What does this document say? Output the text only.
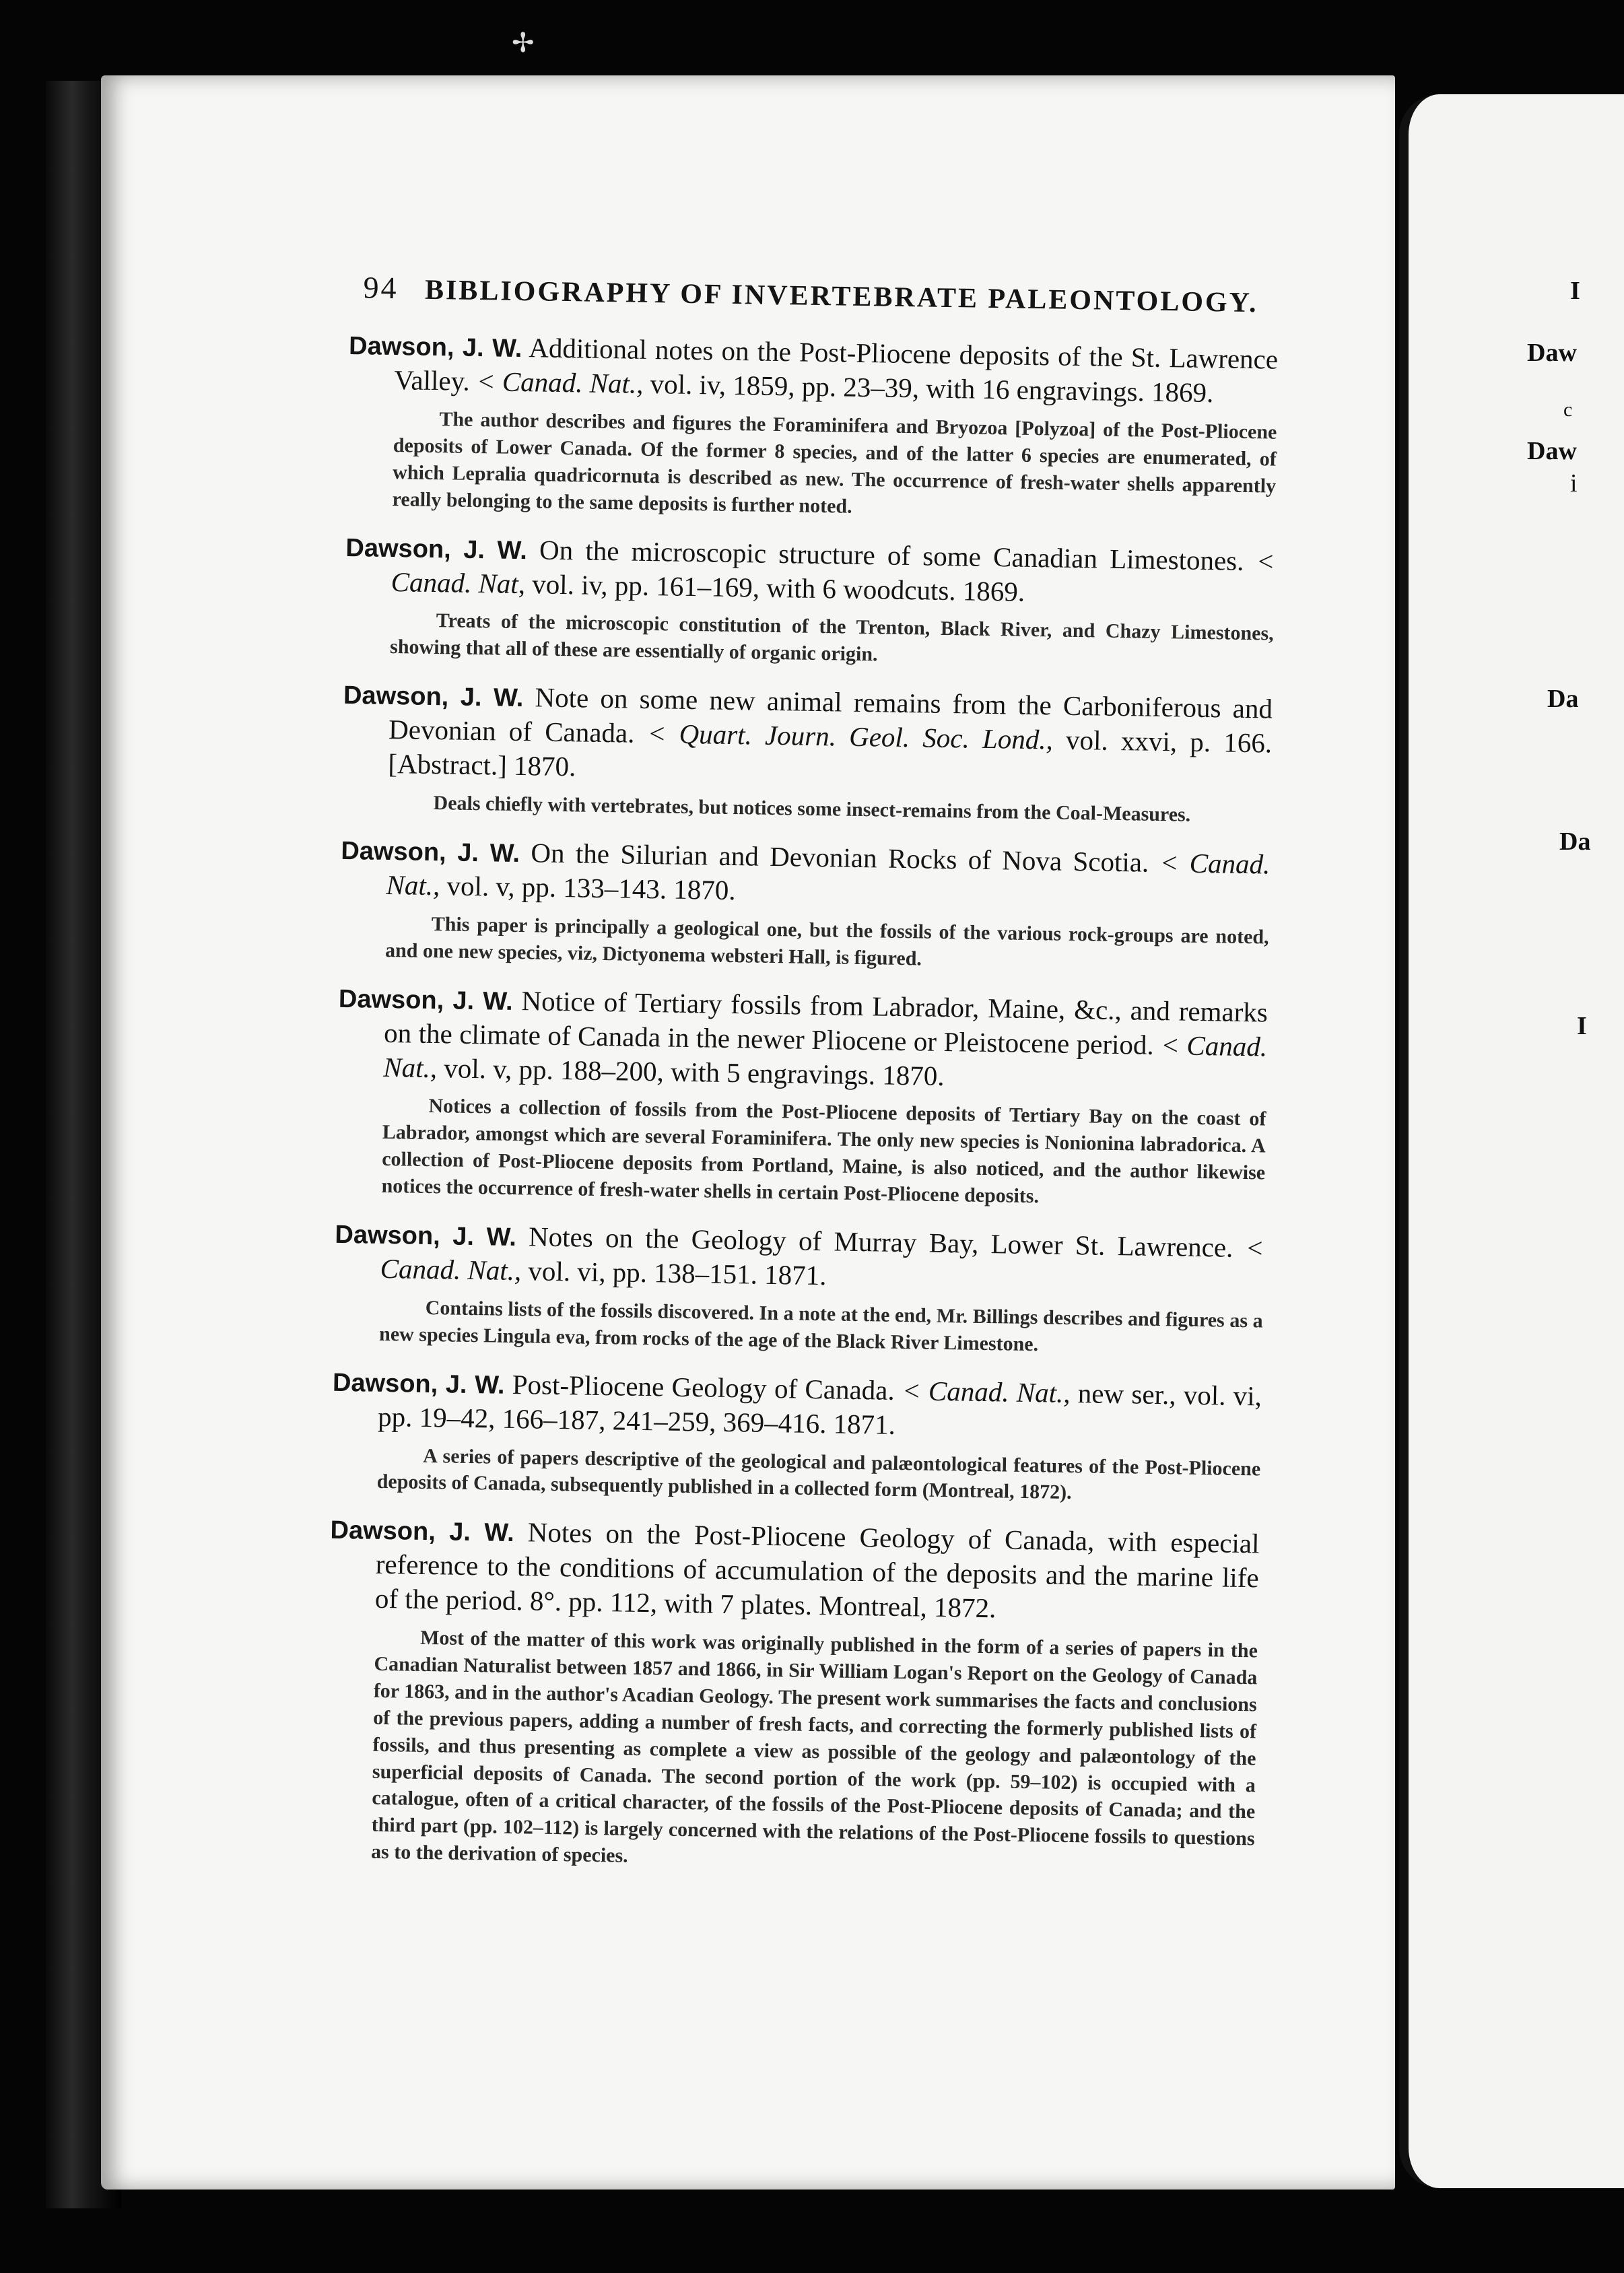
✢
I
Daw
c
Daw
i
Da
Da
I
94 BIBLIOGRAPHY OF INVERTEBRATE PALEONTOLOGY.

Dawson, J. W. Additional notes on the Post-Pliocene deposits of the St. Lawrence Valley. < Canad. Nat., vol. iv, 1859, pp. 23–39, with 16 engravings. 1869.

The author describes and figures the Foraminifera and Bryozoa [Polyzoa] of the Post-Pliocene deposits of Lower Canada. Of the former 8 species, and of the latter 6 species are enumerated, of which Lepralia quadricornuta is described as new. The occurrence of fresh-water shells apparently really belonging to the same deposits is further noted.

Dawson, J. W. On the microscopic structure of some Canadian Limestones. < Canad. Nat, vol. iv, pp. 161–169, with 6 woodcuts. 1869.

Treats of the microscopic constitution of the Trenton, Black River, and Chazy Limestones, showing that all of these are essentially of organic origin.

Dawson, J. W. Note on some new animal remains from the Carboniferous and Devonian of Canada. < Quart. Journ. Geol. Soc. Lond., vol. xxvi, p. 166. [Abstract.] 1870.

Deals chiefly with vertebrates, but notices some insect-remains from the Coal-Measures.

Dawson, J. W. On the Silurian and Devonian Rocks of Nova Scotia. < Canad. Nat., vol. v, pp. 133–143. 1870.

This paper is principally a geological one, but the fossils of the various rock-groups are noted, and one new species, viz, Dictyonema websteri Hall, is figured.

Dawson, J. W. Notice of Tertiary fossils from Labrador, Maine, &c., and remarks on the climate of Canada in the newer Pliocene or Pleistocene period. < Canad. Nat., vol. v, pp. 188–200, with 5 engravings. 1870.

Notices a collection of fossils from the Post-Pliocene deposits of Tertiary Bay on the coast of Labrador, amongst which are several Foraminifera. The only new species is Nonionina labradorica. A collection of Post-Pliocene deposits from Portland, Maine, is also noticed, and the author likewise notices the occurrence of fresh-water shells in certain Post-Pliocene deposits.

Dawson, J. W. Notes on the Geology of Murray Bay, Lower St. Lawrence. < Canad. Nat., vol. vi, pp. 138–151. 1871.

Contains lists of the fossils discovered. In a note at the end, Mr. Billings describes and figures as a new species Lingula eva, from rocks of the age of the Black River Limestone.

Dawson, J. W. Post-Pliocene Geology of Canada. < Canad. Nat., new ser., vol. vi, pp. 19–42, 166–187, 241–259, 369–416. 1871.

A series of papers descriptive of the geological and palæontological features of the Post-Pliocene deposits of Canada, subsequently published in a collected form (Montreal, 1872).

Dawson, J. W. Notes on the Post-Pliocene Geology of Canada, with especial reference to the conditions of accumulation of the deposits and the marine life of the period. 8°. pp. 112, with 7 plates. Montreal, 1872.

Most of the matter of this work was originally published in the form of a series of papers in the Canadian Naturalist between 1857 and 1866, in Sir William Logan's Report on the Geology of Canada for 1863, and in the author's Acadian Geology. The present work summarises the facts and conclusions of the previous papers, adding a number of fresh facts, and correcting the formerly published lists of fossils, and thus presenting as complete a view as possible of the geology and palæontology of the superficial deposits of Canada. The second portion of the work (pp. 59–102) is occupied with a catalogue, often of a critical character, of the fossils of the Post-Pliocene deposits of Canada; and the third part (pp. 102–112) is largely concerned with the relations of the Post-Pliocene fossils to questions as to the derivation of species.
